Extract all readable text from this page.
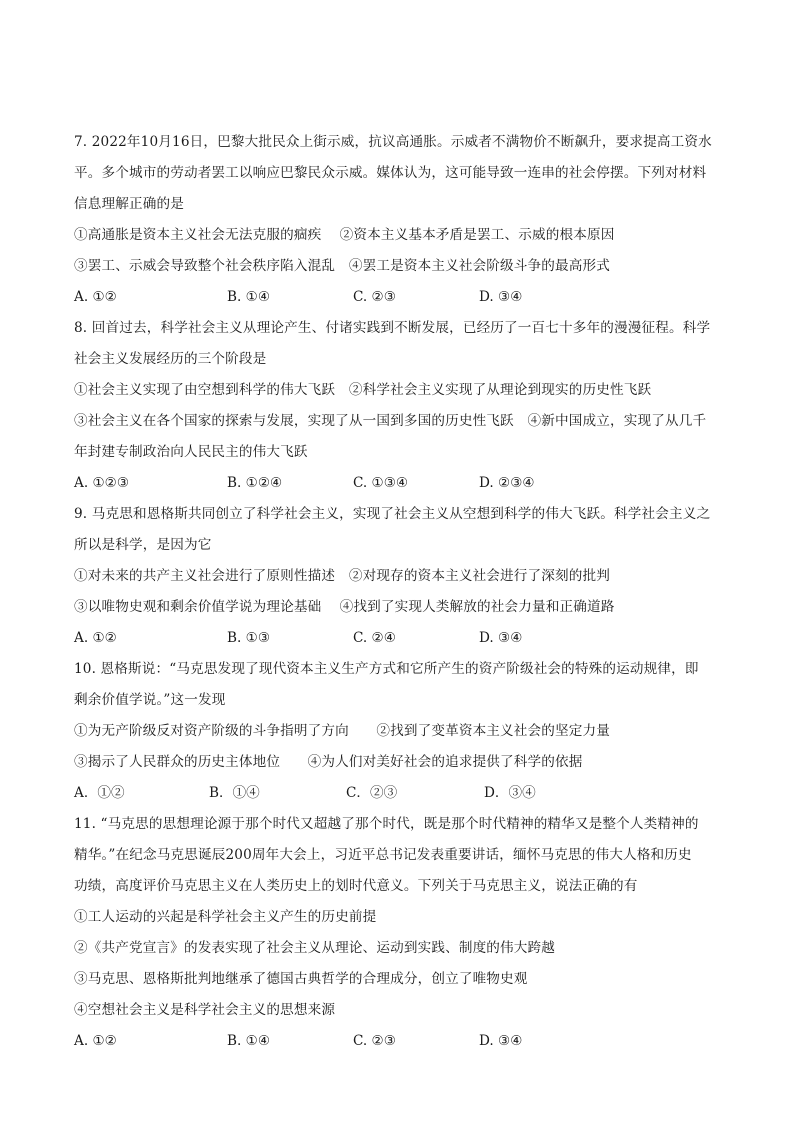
7. 2022年10月16日，巴黎大批民众上街示威，抗议高通胀。示威者不满物价不断飙升，要求提高工资水
平。多个城市的劳动者罢工以响应巴黎民众示威。媒体认为，这可能导致一连串的社会停摆。下列对材料
信息理解正确的是
①高通胀是资本主义社会无法克服的痼疾　 ②资本主义基本矛盾是罢工、示威的根本原因
③罢工、示威会导致整个社会秩序陷入混乱　④罢工是资本主义社会阶级斗争的最高形式
A. ①②	B. ①④	C. ②③	D. ③④
8. 回首过去，科学社会主义从理论产生、付诸实践到不断发展，已经历了一百七十多年的漫漫征程。科学
社会主义发展经历的三个阶段是
①社会主义实现了由空想到科学的伟大飞跃　②科学社会主义实现了从理论到现实的历史性飞跃
③社会主义在各个国家的探索与发展，实现了从一国到多国的历史性飞跃　④新中国成立，实现了从几千
年封建专制政治向人民民主的伟大飞跃
A. ①②③	B. ①②④	C. ①③④	D. ②③④
9. 马克思和恩格斯共同创立了科学社会主义，实现了社会主义从空想到科学的伟大飞跃。科学社会主义之
所以是科学，是因为它
①对未来的共产主义社会进行了原则性描述　②对现存的资本主义社会进行了深刻的批判
③以唯物史观和剩余价值学说为理论基础　 ④找到了实现人类解放的社会力量和正确道路
A. ①②	B. ①③	C. ②④	D. ③④
10. 恩格斯说：“马克思发现了现代资本主义生产方式和它所产生的资产阶级社会的特殊的运动规律，即
剩余价值学说。”这一发现
①为无产阶级反对资产阶级的斗争指明了方向　　②找到了变革资本主义社会的坚定力量
③揭示了人民群众的历史主体地位　　④为人们对美好社会的追求提供了科学的依据
A．①②	B．①④	C．②③	D．③④
11. “马克思的思想理论源于那个时代又超越了那个时代，既是那个时代精神的精华又是整个人类精神的
精华。”在纪念马克思诞辰200周年大会上，习近平总书记发表重要讲话，缅怀马克思的伟大人格和历史
功绩，高度评价马克思主义在人类历史上的划时代意义。下列关于马克思主义，说法正确的有
①工人运动的兴起是科学社会主义产生的历史前提
②《共产党宣言》的发表实现了社会主义从理论、运动到实践、制度的伟大跨越
③马克思、恩格斯批判地继承了德国古典哲学的合理成分，创立了唯物史观
④空想社会主义是科学社会主义的思想来源
A. ①②	B. ①④	C. ②③	D. ③④
